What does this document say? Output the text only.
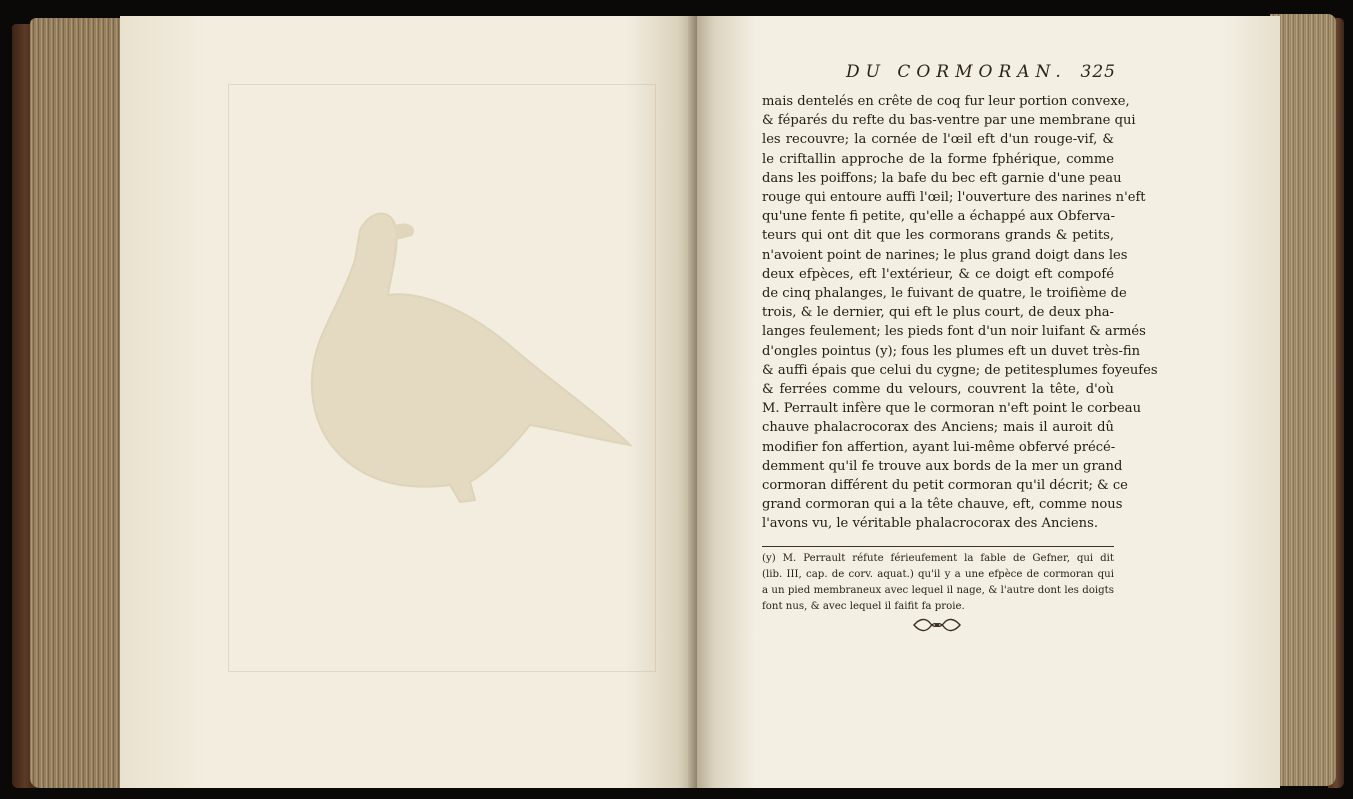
DU CORMORAN. 325
mais dentelés en crête de coq fur leur portion convexe,
& féparés du refte du bas-ventre par une membrane qui
les recouvre; la cornée de l'œil eft d'un rouge-vif, &
le criftallin approche de la forme fphérique, comme
dans les poiffons; la bafe du bec eft garnie d'une peau
rouge qui entoure auffi l'œil; l'ouverture des narines n'eft
qu'une fente fi petite, qu'elle a échappé aux Obferva-
teurs qui ont dit que les cormorans grands & petits,
n'avoient point de narines; le plus grand doigt dans les
deux efpèces, eft l'extérieur, & ce doigt eft compofé
de cinq phalanges, le fuivant de quatre, le troifième de
trois, & le dernier, qui eft le plus court, de deux pha-
langes feulement; les pieds font d'un noir luifant & armés
d'ongles pointus (y); fous les plumes eft un duvet très-fin
& auffi épais que celui du cygne; de petitesplumes foyeufes
& ferrées comme du velours, couvrent la tête, d'où
M. Perrault infère que le cormoran n'eft point le corbeau
chauve phalacrocorax des Anciens; mais il auroit dû
modifier fon affertion, ayant lui-même obfervé précé-
demment qu'il fe trouve aux bords de la mer un grand
cormoran différent du petit cormoran qu'il décrit; & ce
grand cormoran qui a la tête chauve, eft, comme nous
l'avons vu, le véritable phalacrocorax des Anciens.
(y) M. Perrault réfute férieufement la fable de Gefner, qui dit
(lib. III, cap. de corv. aquat.) qu'il y a une efpèce de cormoran qui
a un pied membraneux avec lequel il nage, & l'autre dont les doigts
font nus, & avec lequel il faifit fa proie.
